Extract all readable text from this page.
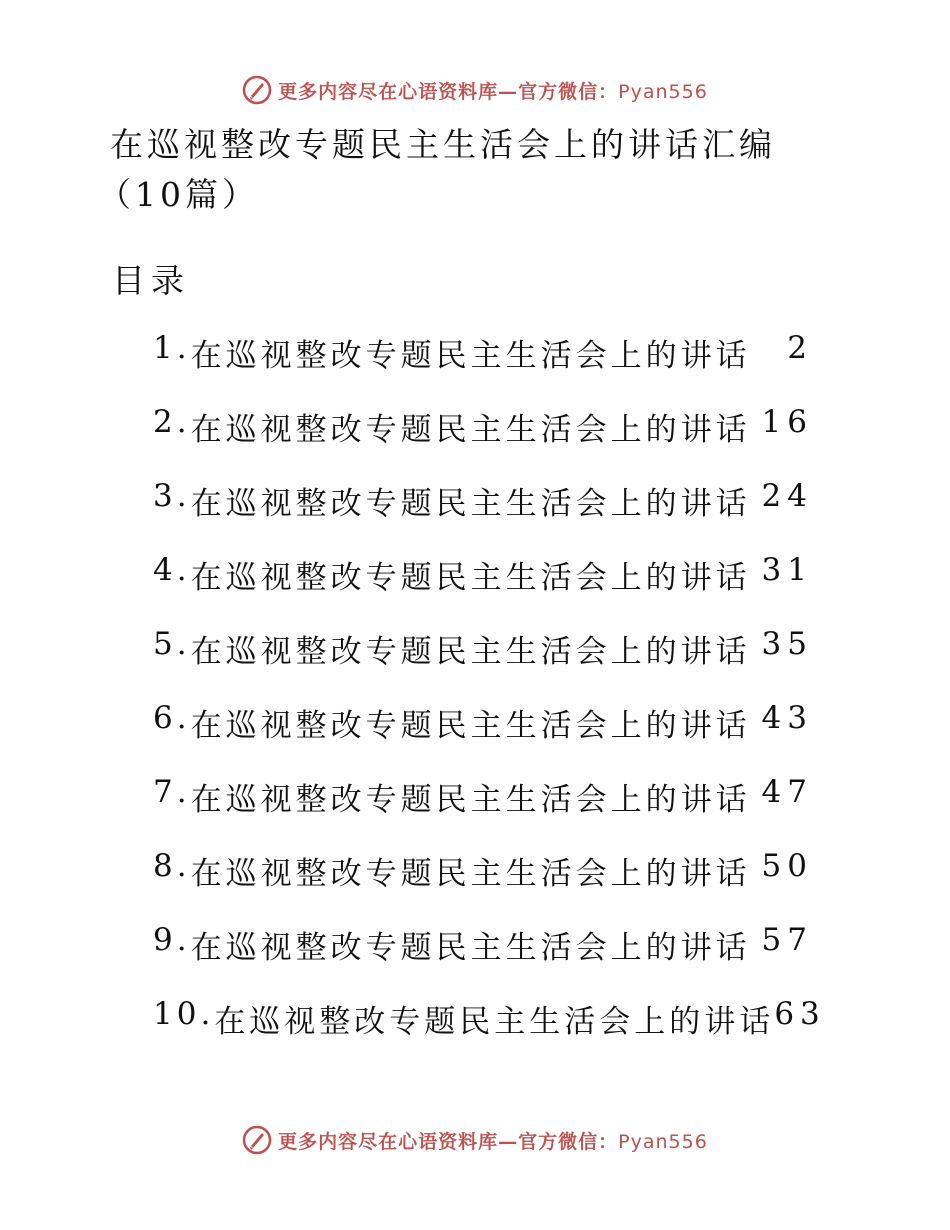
更多内容尽在心语资料库—官方微信：Pyan556
在巡视整改专题民主生活会上的讲话汇编（10篇）
目录
1. 在巡视整改专题民主生活会上的讲话 2
2. 在巡视整改专题民主生活会上的讲话 16
3. 在巡视整改专题民主生活会上的讲话 24
4. 在巡视整改专题民主生活会上的讲话 31
5. 在巡视整改专题民主生活会上的讲话 35
6. 在巡视整改专题民主生活会上的讲话 43
7. 在巡视整改专题民主生活会上的讲话 47
8. 在巡视整改专题民主生活会上的讲话 50
9. 在巡视整改专题民主生活会上的讲话 57
10. 在巡视整改专题民主生活会上的讲话 63
更多内容尽在心语资料库—官方微信：Pyan556
